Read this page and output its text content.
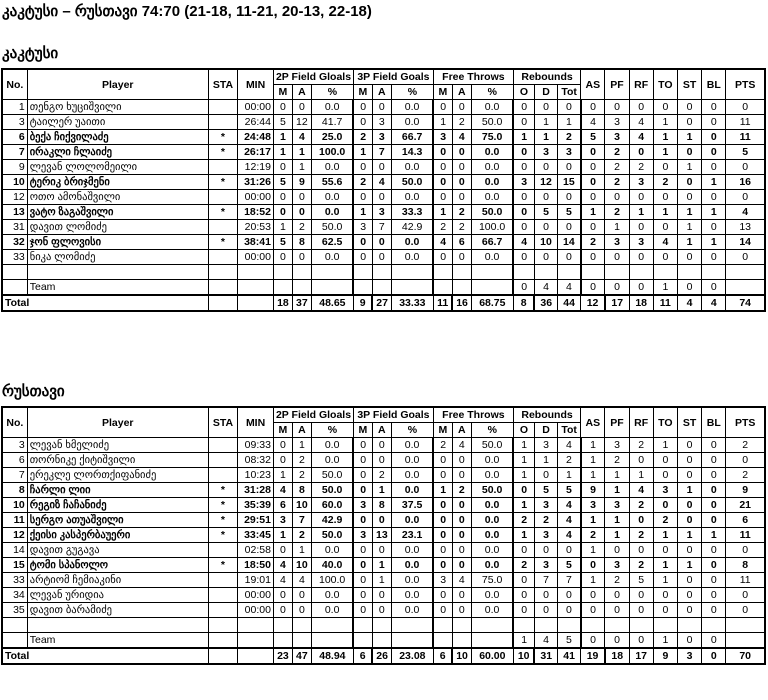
კაკტუსი – რუსთავი 74:70 (21-18, 11-21, 20-13, 22-18)
კაკტუსი
No.	Player	STA	MIN	2P Field Gloals			3P Field Goals			Free Throws			Rebounds			AS	PF	RF	TO	ST	BL	PTS
				M	A	%	M	A	%	M	A	%	O	D	Tot							
1	თენგო ხუციშვილი		00:00	0	0	0.0	0	0	0.0	0	0	0.0	0	0	0	0	0	0	0	0	0	0
3	ტაილერ უაითი		26:44	5	12	41.7	0	3	0.0	1	2	50.0	0	1	1	4	3	4	1	0	0	11
6	ბექა ჩიქვილაძე	*	24:48	1	4	25.0	2	3	66.7	3	4	75.0	1	1	2	5	3	4	1	1	0	11
7	ირაკლი ჩლაიძე	*	26:17	1	1	100.0	1	7	14.3	0	0	0.0	0	3	3	0	2	0	1	0	0	5
9	ლევან ლოლომეილი		12:19	0	1	0.0	0	0	0.0	0	0	0.0	0	0	0	0	2	2	0	1	0	0
10	ტერიკ ბრიჯმენი	*	31:26	5	9	55.6	2	4	50.0	0	0	0.0	3	12	15	0	2	3	2	0	1	16
12	ოთო ამონაშვილი		00:00	0	0	0.0	0	0	0.0	0	0	0.0	0	0	0	0	0	0	0	0	0	0
13	ვატო ზაგაშვილი	*	18:52	0	0	0.0	1	3	33.3	1	2	50.0	0	5	5	1	2	1	1	1	1	4
31	დავით ლომიძე		20:53	1	2	50.0	3	7	42.9	2	2	100.0	0	0	0	0	1	0	0	1	0	13
32	ჯონ ფლოვისი	*	38:41	5	8	62.5	0	0	0.0	4	6	66.7	4	10	14	2	3	3	4	1	1	14
33	ნიკა ლომიძე		00:00	0	0	0.0	0	0	0.0	0	0	0.0	0	0	0	0	0	0	0	0	0	0

	Team												0	4	4	0	0	0	1	0	0	
Total				18	37	48.65	9	27	33.33	11	16	68.75	8	36	44	12	17	18	11	4	4	74
რუსთავი
No.	Player	STA	MIN	2P Field Gloals			3P Field Goals			Free Throws			Rebounds			AS	PF	RF	TO	ST	BL	PTS
				M	A	%	M	A	%	M	A	%	O	D	Tot							
3	ლევან ხმელიძე		09:33	0	1	0.0	0	0	0.0	2	4	50.0	1	3	4	1	3	2	1	0	0	2
6	თორნიკე ქიტიშვილი		08:32	0	2	0.0	0	0	0.0	0	0	0.0	1	1	2	1	2	0	0	0	0	0
7	ერეკლე ლორთქიფანიძე		10:23	1	2	50.0	0	2	0.0	0	0	0.0	1	0	1	1	1	1	0	0	0	2
8	ჩარლი ლიი	*	31:28	4	8	50.0	0	1	0.0	1	2	50.0	0	5	5	9	1	4	3	1	0	9
10	რეგიზ ჩაჩანიძე	*	35:39	6	10	60.0	3	8	37.5	0	0	0.0	1	3	4	3	3	2	0	0	0	21
11	სერგო ათუაშვილი	*	29:51	3	7	42.9	0	0	0.0	0	0	0.0	2	2	4	1	1	0	2	0	0	6
12	ქეისი კასპერბაუერი	*	33:45	1	2	50.0	3	13	23.1	0	0	0.0	1	3	4	2	1	2	1	1	1	11
14	დავით გუგავა		02:58	0	1	0.0	0	0	0.0	0	0	0.0	0	0	0	1	0	0	0	0	0	0
15	ტომი სპანოლო	*	18:50	4	10	40.0	0	1	0.0	0	0	0.0	2	3	5	0	3	2	1	1	0	8
33	არტიომ ჩემიაკინი		19:01	4	4	100.0	0	1	0.0	3	4	75.0	0	7	7	1	2	5	1	0	0	11
34	ლევან ურიდია		00:00	0	0	0.0	0	0	0.0	0	0	0.0	0	0	0	0	0	0	0	0	0	0
35	დავით ბარამიძე		00:00	0	0	0.0	0	0	0.0	0	0	0.0	0	0	0	0	0	0	0	0	0	0

	Team												1	4	5	0	0	0	1	0	0	
Total				23	47	48.94	6	26	23.08	6	10	60.00	10	31	41	19	18	17	9	3	0	70
